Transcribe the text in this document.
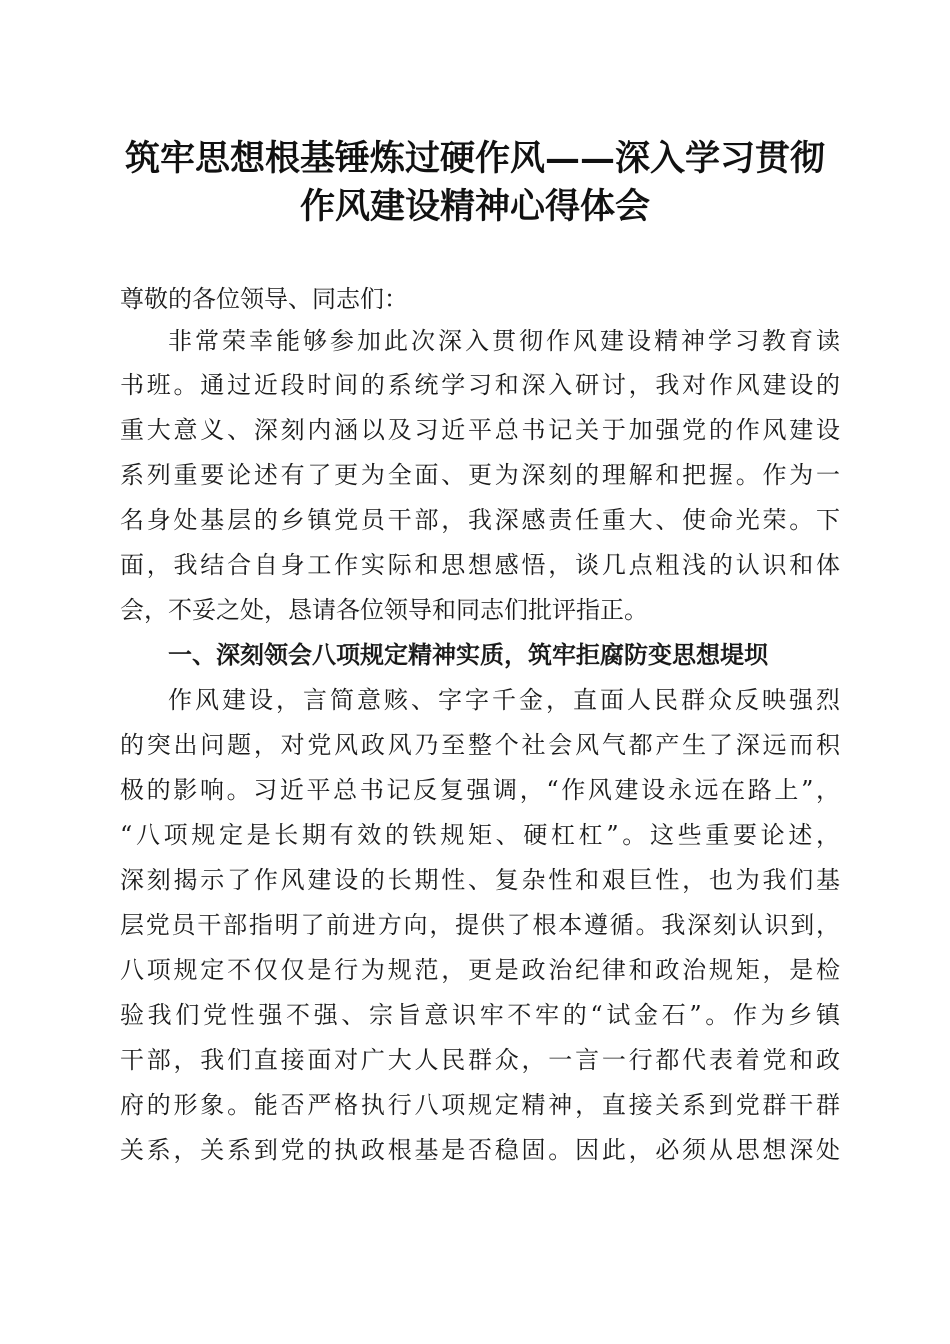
筑牢思想根基锤炼过硬作风——深入学习贯彻
作风建设精神心得体会
尊敬的各位领导、同志们：
非常荣幸能够参加此次深入贯彻作风建设精神学习教育读
书班。通过近段时间的系统学习和深入研讨，我对作风建设的
重大意义、深刻内涵以及习近平总书记关于加强党的作风建设
系列重要论述有了更为全面、更为深刻的理解和把握。作为一
名身处基层的乡镇党员干部，我深感责任重大、使命光荣。下
面，我结合自身工作实际和思想感悟，谈几点粗浅的认识和体
会，不妥之处，恳请各位领导和同志们批评指正。
一、深刻领会八项规定精神实质，筑牢拒腐防变思想堤坝
作风建设，言简意赅、字字千金，直面人民群众反映强烈
的突出问题，对党风政风乃至整个社会风气都产生了深远而积
极的影响。习近平总书记反复强调，“作风建设永远在路上”，
“八项规定是长期有效的铁规矩、硬杠杠”。这些重要论述，
深刻揭示了作风建设的长期性、复杂性和艰巨性，也为我们基
层党员干部指明了前进方向，提供了根本遵循。我深刻认识到，
八项规定不仅仅是行为规范，更是政治纪律和政治规矩，是检
验我们党性强不强、宗旨意识牢不牢的“试金石”。作为乡镇
干部，我们直接面对广大人民群众，一言一行都代表着党和政
府的形象。能否严格执行八项规定精神，直接关系到党群干群
关系，关系到党的执政根基是否稳固。因此，必须从思想深处
